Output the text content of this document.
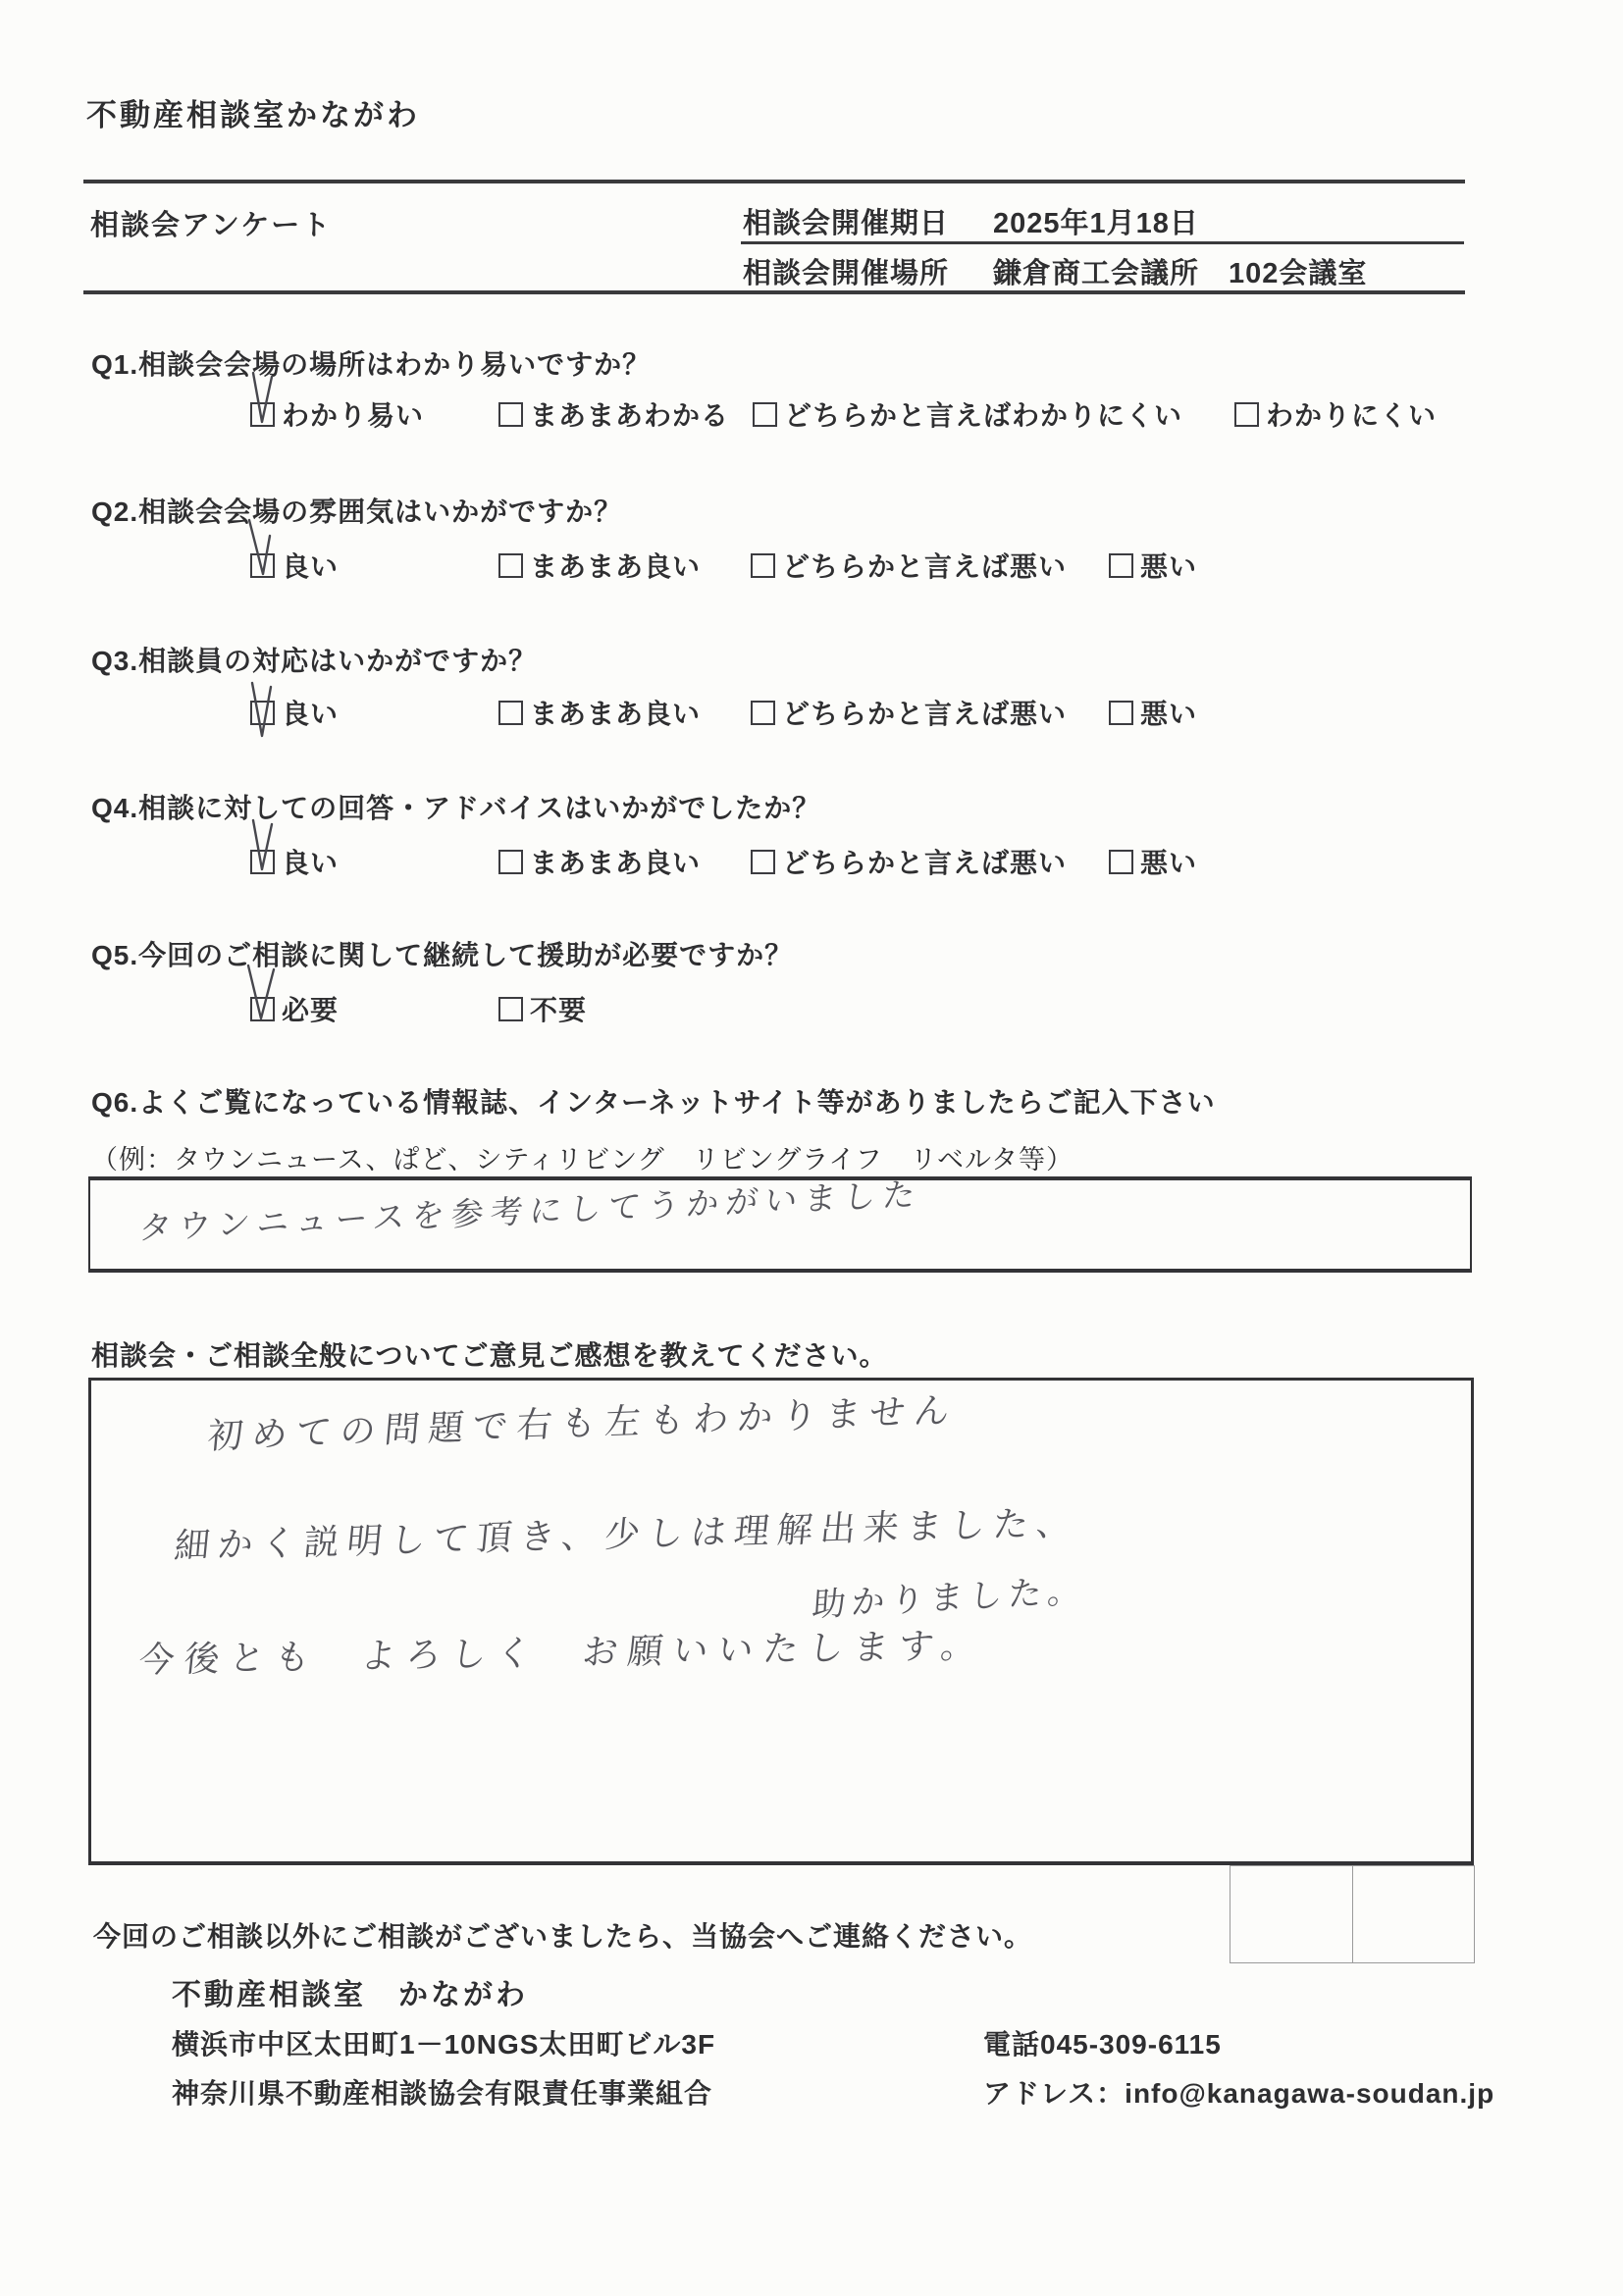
不動産相談室かながわ
相談会アンケート	相談会開催期日 2025年1月18日
相談会開催場所 鎌倉商工会議所　102会議室
Q1.相談会会場の場所はわかり易いですか？
わかり易い	まあまあわかる どちらかと言えばわかりにくい	わかりにくい
Q2.相談会会場の雰囲気はいかがですか？
良い	まあまあ良い	どちらかと言えば悪い	悪い
Q3.相談員の対応はいかがですか？
良い	まあまあ良い	どちらかと言えば悪い	悪い
Q4.相談に対しての回答・アドバイスはいかがでしたか？
良い	まあまあ良い	どちらかと言えば悪い	悪い
Q5.今回のご相談に関して継続して援助が必要ですか？
必要	不要
Q6.よくご覧になっている情報誌、インターネットサイト等がありましたらご記入下さい
（例：タウンニュース、ぱど、シティリビング　リビングライフ　リベルタ等）
タウンニュースを参考にしてうかがいました
相談会・ご相談全般についてご意見ご感想を教えてください。
初めての問題で右も左もわかりません
細かく説明して頂き、少しは理解出来ました、
助かりました。
今後とも よろしく お願いいたします。
今回のご相談以外にご相談がございましたら、当協会へご連絡ください。
不動産相談室　かながわ
横浜市中区太田町1－10NGS太田町ビル3F	電話045-309-6115
神奈川県不動産相談協会有限責任事業組合	アドレス：info@kanagawa-soudan.jp
